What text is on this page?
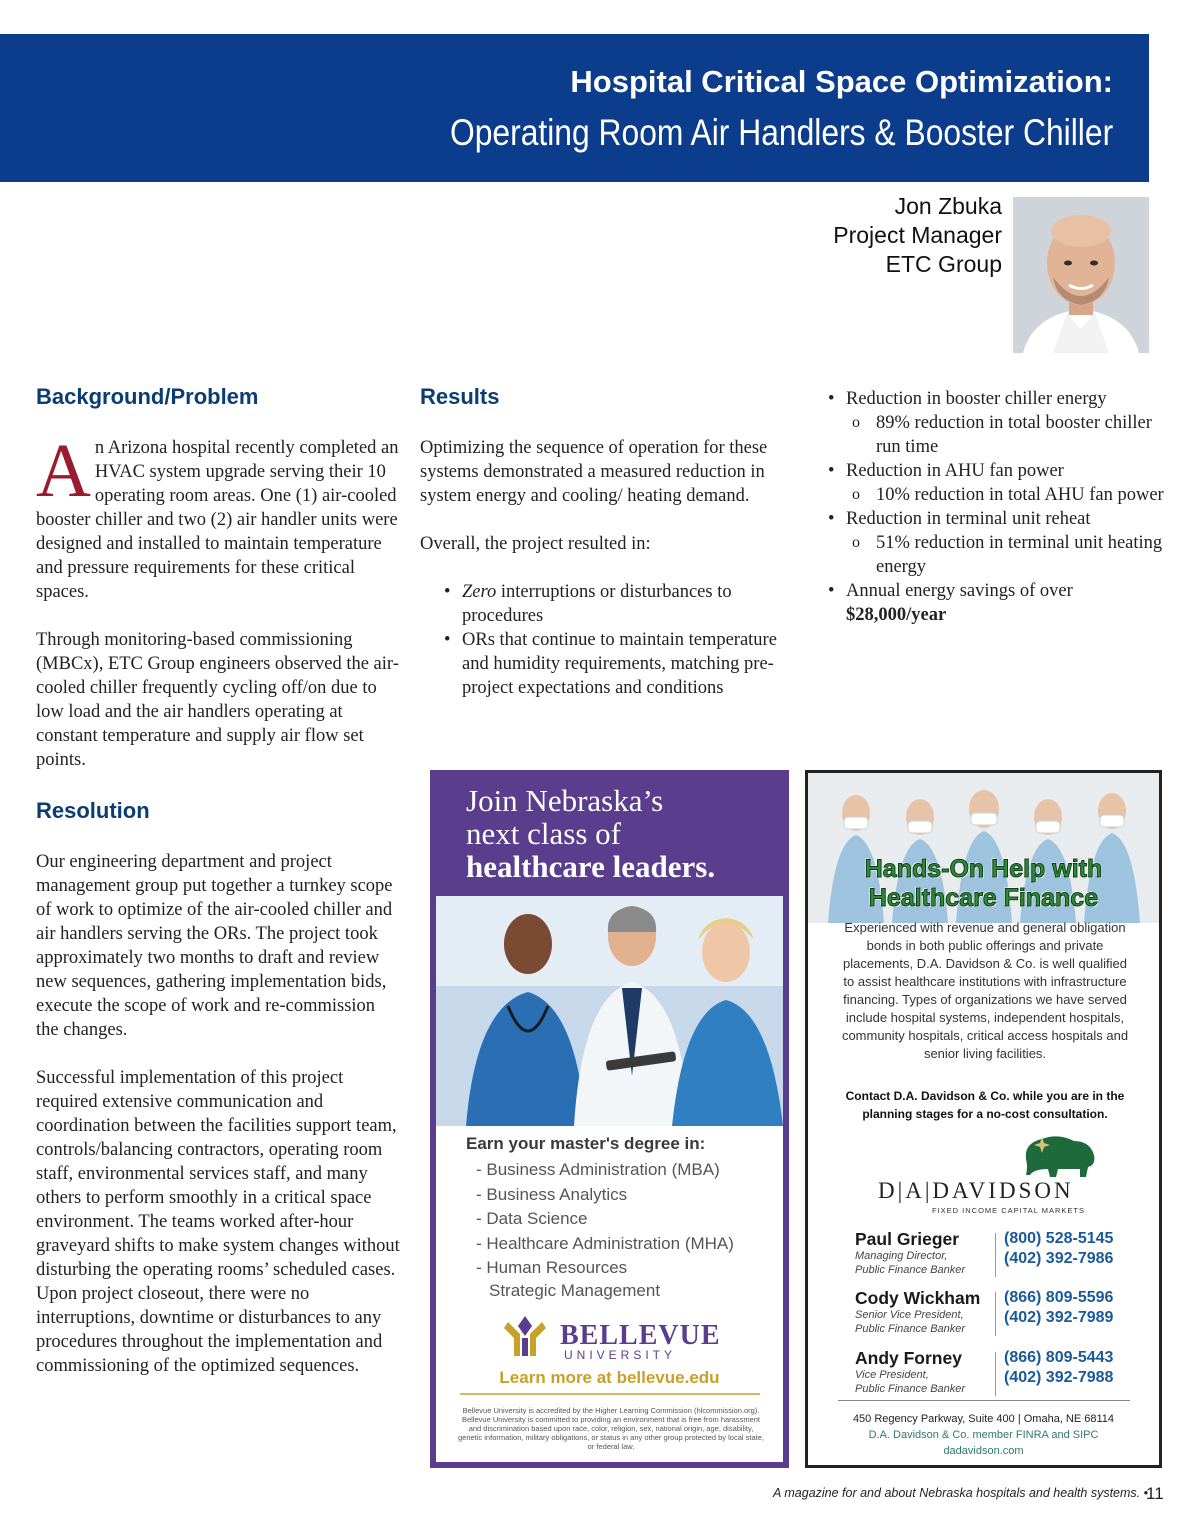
Hospital Critical Space Optimization:
Operating Room Air Handlers & Booster Chiller
Jon Zbuka
Project Manager
ETC Group
Background/Problem

An Arizona hospital recently completed an HVAC system upgrade serving their 10 operating room areas. One (1) air-cooled booster chiller and two (2) air handler units were designed and installed to maintain temperature and pressure requirements for these critical spaces.

Through monitoring-based commissioning (MBCx), ETC Group engineers observed the air-cooled chiller frequently cycling off/on due to low load and the air handlers operating at constant temperature and supply air flow set points.

Resolution

Our engineering department and project management group put together a turnkey scope of work to optimize of the air-cooled chiller and air handlers serving the ORs. The project took approximately two months to draft and review new sequences, gathering implementation bids, execute the scope of work and re-commission the changes.

Successful implementation of this project required extensive communication and coordination between the facilities support team, controls/balancing contractors, operating room staff, environmental services staff, and many others to perform smoothly in a critical space environment. The teams worked after-hour graveyard shifts to make system changes without disturbing the operating rooms’ scheduled cases. Upon project closeout, there were no interruptions, downtime or disturbances to any procedures throughout the implementation and commissioning of the optimized sequences.

Results

Optimizing the sequence of operation for these systems demonstrated a measured reduction in system energy and cooling/ heating demand.

Overall, the project resulted in:

• Zero interruptions or disturbances to procedures
• ORs that continue to maintain temperature and humidity requirements, matching pre-project expectations and conditions
• Reduction in booster chiller energy
o 89% reduction in total booster chiller run time
• Reduction in AHU fan power
o 10% reduction in total AHU fan power
• Reduction in terminal unit reheat
o 51% reduction in terminal unit heating energy
• Annual energy savings of over $28,000/year
Join Nebraska’s
next class of
healthcare leaders.
Earn your master's degree in:
- Business Administration (MBA)
- Business Analytics
- Data Science
- Healthcare Administration (MHA)
- Human Resources
Strategic Management
BELLEVUE
UNIVERSITY
Learn more at bellevue.edu
Bellevue University is accredited by the Higher Learning Commission (hlcommission.org). Bellevue University is committed to providing an environment that is free from harassment and discrimination based upon race, color, religion, sex, national origin, age, disability, genetic information, military obligations, or status in any other group protected by local state, or federal law.
Hands-On Help with
Healthcare Finance
Experienced with revenue and general obligation bonds in both public offerings and private placements, D.A. Davidson & Co. is well qualified to assist healthcare institutions with infrastructure financing. Types of organizations we have served include hospital systems, independent hospitals, community hospitals, critical access hospitals and senior living facilities.
Contact D.A. Davidson & Co. while you are in the planning stages for a no-cost consultation.
D|A|DAVIDSON
FIXED INCOME CAPITAL MARKETS
Paul Grieger
Managing Director,
Public Finance Banker
(800) 528-5145
(402) 392-7986
Cody Wickham
Senior Vice President,
Public Finance Banker
(866) 809-5596
(402) 392-7989
Andy Forney
Vice President,
Public Finance Banker
(866) 809-5443
(402) 392-7988
450 Regency Parkway, Suite 400 | Omaha, NE 68114
D.A. Davidson & Co. member FINRA and SIPC
dadavidson.com
A magazine for and about Nebraska hospitals and health systems. •
11
